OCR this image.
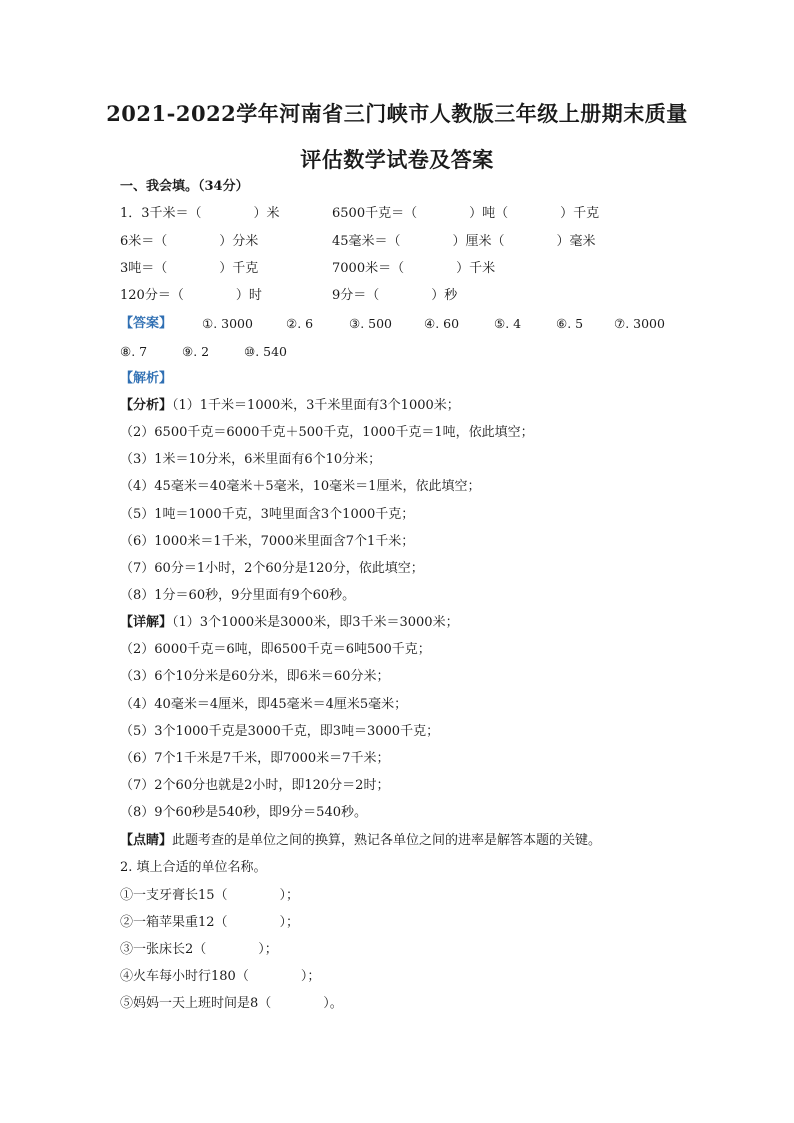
2021-2022学年河南省三门峡市人教版三年级上册期末质量
评估数学试卷及答案
一、我会填。（34分）
1．3千米＝（　　　　）米	6500千克＝（　　　　）吨（　　　　）千克
6米＝（　　　　）分米	45毫米＝（　　　　）厘米（　　　　）毫米
3吨＝（　　　　）千克	7000米＝（　　　　）千米
120分＝（　　　　）时	9分＝（　　　　）秒
【答案】 ①. 3000	②. 6	③. 500	④. 60	⑤. 4	⑥. 5 ⑦. 3000
⑧. 7	⑨. 2	⑩. 540
【解析】
【分析】（1）1千米＝1000米，3千米里面有3个1000米；
（2）6500千克＝6000千克＋500千克，1000千克＝1吨，依此填空；
（3）1米＝10分米，6米里面有6个10分米；
（4）45毫米＝40毫米＋5毫米，10毫米＝1厘米，依此填空；
（5）1吨＝1000千克，3吨里面含3个1000千克；
（6）1000米＝1千米，7000米里面含7个1千米；
（7）60分＝1小时，2个60分是120分，依此填空；
（8）1分＝60秒，9分里面有9个60秒。
【详解】（1）3个1000米是3000米，即3千米＝3000米；
（2）6000千克＝6吨，即6500千克＝6吨500千克；
（3）6个10分米是60分米，即6米＝60分米；
（4）40毫米＝4厘米，即45毫米＝4厘米5毫米；
（5）3个1000千克是3000千克，即3吨＝3000千克；
（6）7个1千米是7千米，即7000米＝7千米；
（7）2个60分也就是2小时，即120分＝2时；
（8）9个60秒是540秒，即9分＝540秒。
【点睛】此题考查的是单位之间的换算，熟记各单位之间的进率是解答本题的关键。
2. 填上合适的单位名称。
①一支牙膏长15（　　　　）；
②一箱苹果重12（　　　　）；
③一张床长2（　　　　）；
④火车每小时行180（　　　　）；
⑤妈妈一天上班时间是8（　　　　）。
